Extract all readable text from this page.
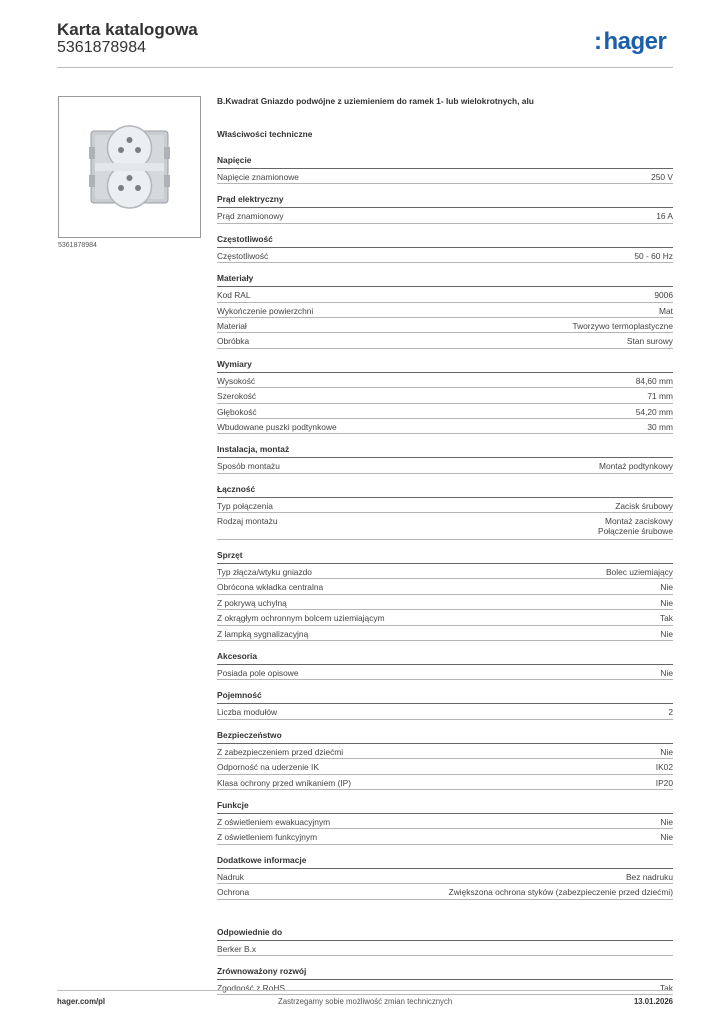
Karta katalogowa
5361878984	:hager
5361878984
B.Kwadrat Gniazdo podwójne z uziemieniem do ramek 1- lub wielokrotnych, alu
Właściwości techniczne
Napięcie
Napięcie znamionowe	250 V
Prąd elektryczny
Prąd znamionowy	16 A
Częstotliwość
Częstotliwość	50 - 60 Hz
Materiały
Kod RAL	9006
Wykończenie powierzchni	Mat
Materiał	Tworzywo termoplastyczne
Obróbka	Stan surowy
Wymiary
Wysokość	84,60 mm
Szerokość	71 mm
Głębokość	54,20 mm
Wbudowane puszki podtynkowe	30 mm
Instalacja, montaż
Sposób montażu	Montaż podtynkowy
Łączność
Typ połączenia	Zacisk śrubowy
Rodzaj montażu	Montaż zaciskowy
Połączenie śrubowe
Sprzęt
Typ złącza/wtyku gniazdo	Bolec uziemiający
Obrócona wkładka centralna	Nie
Z pokrywą uchylną	Nie
Z okrągłym ochronnym bolcem uziemiającym	Tak
Z lampką sygnalizacyjną	Nie
Akcesoria
Posiada pole opisowe	Nie
Pojemność
Liczba modułów	2
Bezpieczeństwo
Z zabezpieczeniem przed dziećmi	Nie
Odporność na uderzenie IK	IK02
Klasa ochrony przed wnikaniem (IP)	IP20
Funkcje
Z oświetleniem ewakuacyjnym	Nie
Z oświetleniem funkcyjnym	Nie
Dodatkowe informacje
Nadruk	Bez nadruku
Ochrona	Zwiększona ochrona styków (zabezpieczenie przed dziećmi)
Odpowiednie do
Berker B.x
Zrównoważony rozwój
Zgodność z RoHS	Tak
hager.com/pl	Zastrzegamy sobie możliwość zmian technicznych	13.01.2026
